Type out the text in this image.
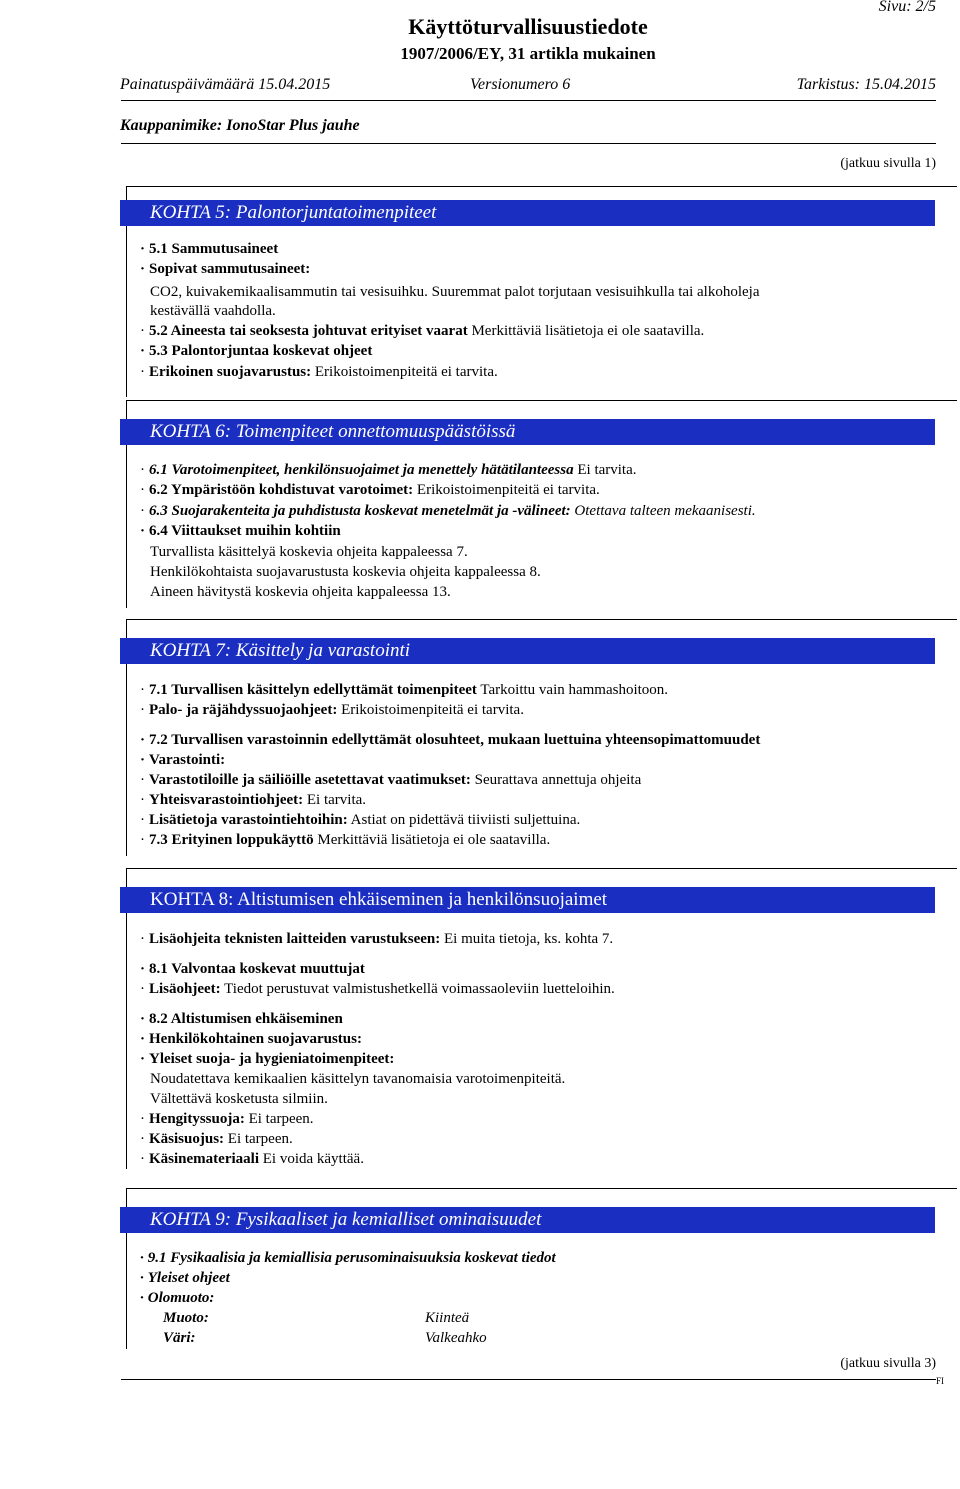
Sivu: 2/5
Käyttöturvallisuustiedote
1907/2006/EY, 31 artikla mukainen
Painatuspäivämäärä 15.04.2015	Versionumero 6	Tarkistus: 15.04.2015
Kauppanimike: IonoStar Plus jauhe
(jatkuu sivulla 1)
KOHTA 5: Palontorjuntatoimenpiteet
· 5.1 Sammutusaineet
· Sopivat sammutusaineet:
CO2, kuivakemikaalisammutin tai vesisuihku. Suuremmat palot torjutaan vesisuihkulla tai alkoholeja
kestävällä vaahdolla.
· 5.2 Aineesta tai seoksesta johtuvat erityiset vaarat Merkittäviä lisätietoja ei ole saatavilla.
· 5.3 Palontorjuntaa koskevat ohjeet
· Erikoinen suojavarustus: Erikoistoimenpiteitä ei tarvita.
KOHTA 6: Toimenpiteet onnettomuuspäästöissä
· 6.1 Varotoimenpiteet, henkilönsuojaimet ja menettely hätätilanteessa Ei tarvita.
· 6.2 Ympäristöön kohdistuvat varotoimet: Erikoistoimenpiteitä ei tarvita.
· 6.3 Suojarakenteita ja puhdistusta koskevat menetelmät ja -välineet: Otettava talteen mekaanisesti.
· 6.4 Viittaukset muihin kohtiin
Turvallista käsittelyä koskevia ohjeita kappaleessa 7.
Henkilökohtaista suojavarustusta koskevia ohjeita kappaleessa 8.
Aineen hävitystä koskevia ohjeita kappaleessa 13.
KOHTA 7: Käsittely ja varastointi
· 7.1 Turvallisen käsittelyn edellyttämät toimenpiteet Tarkoittu vain hammashoitoon.
· Palo- ja räjähdyssuojaohjeet: Erikoistoimenpiteitä ei tarvita.
· 7.2 Turvallisen varastoinnin edellyttämät olosuhteet, mukaan luettuina yhteensopimattomuudet
· Varastointi:
· Varastotiloille ja säiliöille asetettavat vaatimukset: Seurattava annettuja ohjeita
· Yhteisvarastointiohjeet: Ei tarvita.
· Lisätietoja varastointiehtoihin: Astiat on pidettävä tiiviisti suljettuina.
· 7.3 Erityinen loppukäyttö Merkittäviä lisätietoja ei ole saatavilla.
KOHTA 8: Altistumisen ehkäiseminen ja henkilönsuojaimet
· Lisäohjeita teknisten laitteiden varustukseen: Ei muita tietoja, ks. kohta 7.
· 8.1 Valvontaa koskevat muuttujat
· Lisäohjeet: Tiedot perustuvat valmistushetkellä voimassaoleviin luetteloihin.
· 8.2 Altistumisen ehkäiseminen
· Henkilökohtainen suojavarustus:
· Yleiset suoja- ja hygieniatoimenpiteet:
Noudatettava kemikaalien käsittelyn tavanomaisia varotoimenpiteitä.
Vältettävä kosketusta silmiin.
· Hengityssuoja: Ei tarpeen.
· Käsisuojus: Ei tarpeen.
· Käsinemateriaali Ei voida käyttää.
KOHTA 9: Fysikaaliset ja kemialliset ominaisuudet
· 9.1 Fysikaalisia ja kemiallisia perusominaisuuksia koskevat tiedot
· Yleiset ohjeet
· Olomuoto:
Muoto:	Kiinteä
Väri:	Valkeahko
(jatkuu sivulla 3)
FI
